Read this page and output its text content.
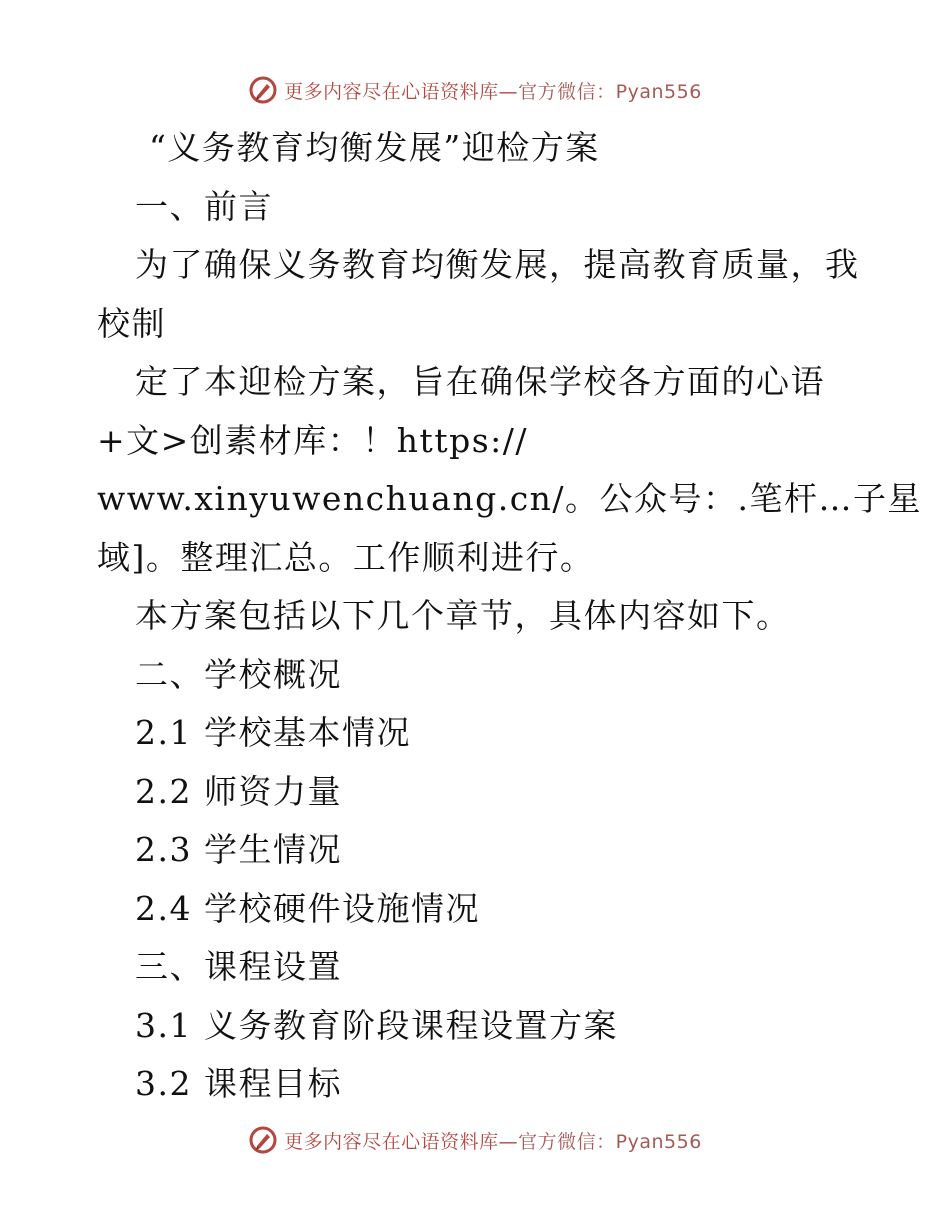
更多内容尽在心语资料库—官方微信：Pyan556
“义务教育均衡发展”迎检方案
一、前言
为了确保义务教育均衡发展，提高教育质量，我
校制
定了本迎检方案，旨在确保学校各方面的心语
+文>创素材库：！https://
www.xinyuwenchuang.cn/。公众号：.笔杆…子星
域]。整理汇总。工作顺利进行。
本方案包括以下几个章节，具体内容如下。
二、学校概况
2.1 学校基本情况
2.2 师资力量
2.3 学生情况
2.4 学校硬件设施情况
三、课程设置
3.1 义务教育阶段课程设置方案
3.2 课程目标
更多内容尽在心语资料库—官方微信：Pyan556
